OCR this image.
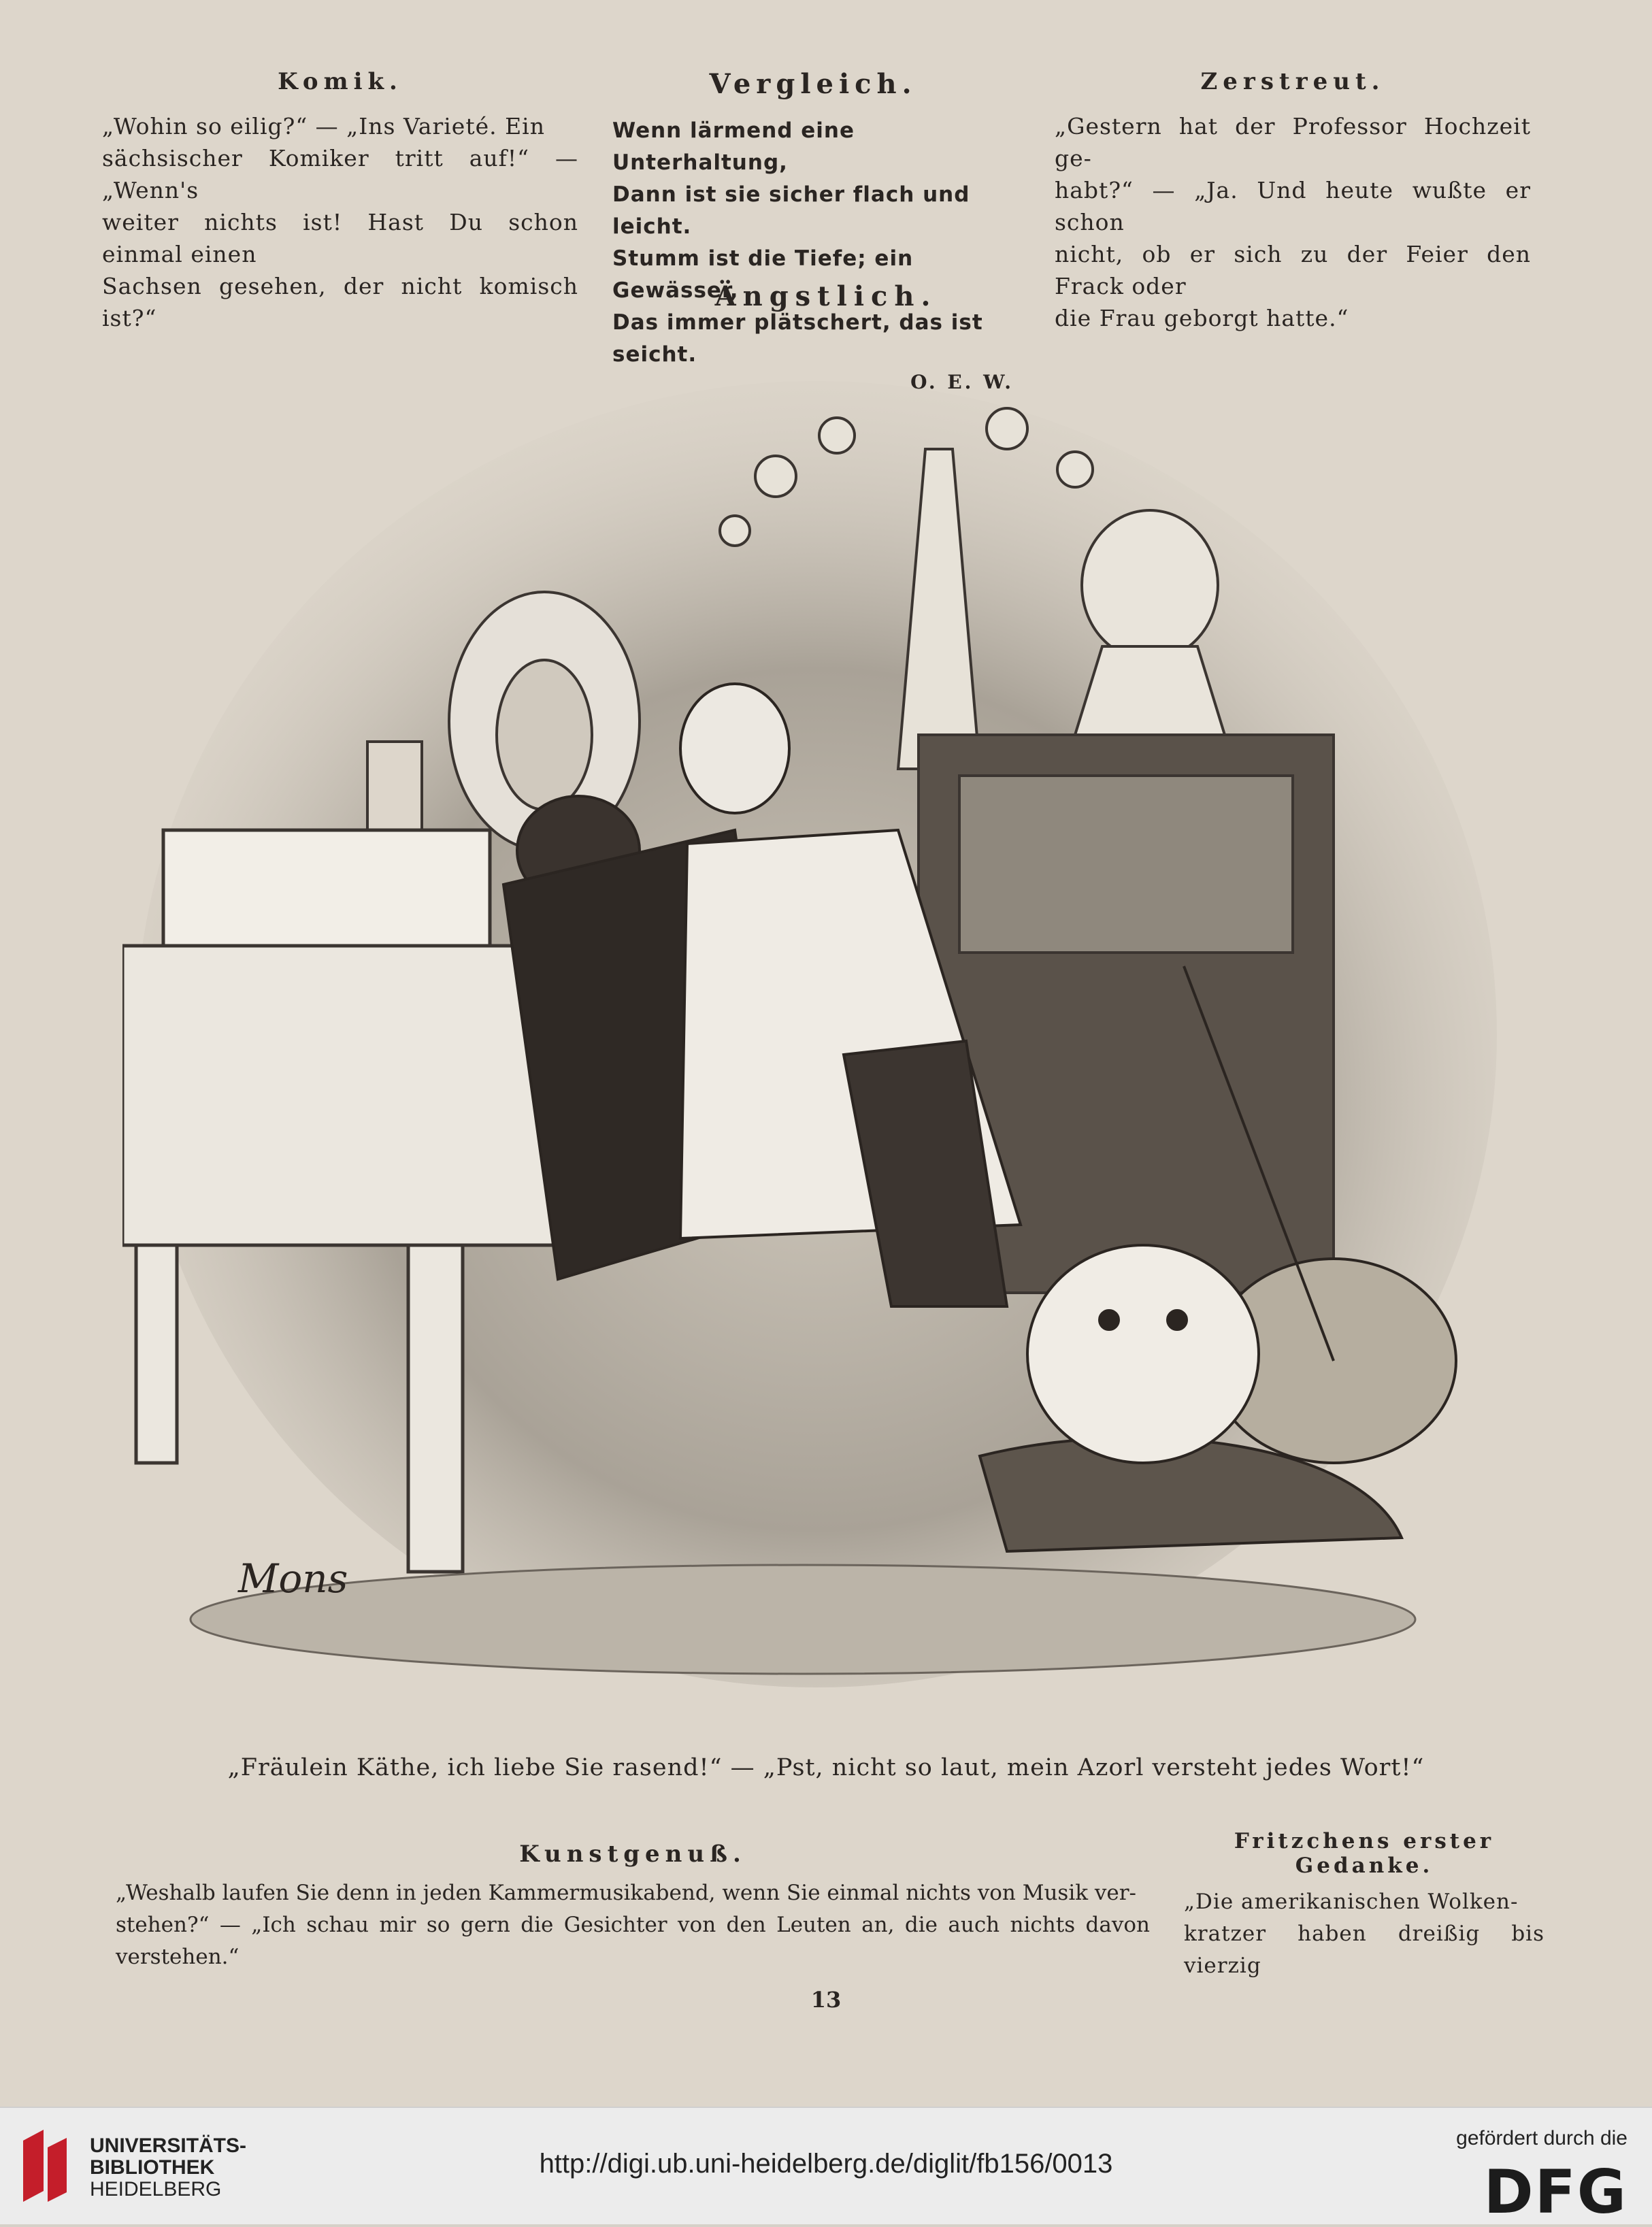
Komik.
„Wohin so eilig?“ — „Ins Varieté. Ein
sächsischer Komiker tritt auf!“ — „Wenn's
weiter nichts ist! Hast Du schon einmal einen
Sachsen gesehen, der nicht komisch ist?“
Vergleich.
Wenn lärmend eine Unterhaltung,
Dann ist sie sicher flach und leicht.
Stumm ist die Tiefe; ein Gewässer,
Das immer plätschert, das ist seicht.
O. E. W.
Zerstreut.
„Gestern hat der Professor Hochzeit ge-
habt?“ — „Ja. Und heute wußte er schon
nicht, ob er sich zu der Feier den Frack oder
die Frau geborgt hatte.“
Ängstlich.
Mons
„Fräulein Käthe, ich liebe Sie rasend!“ — „Pst, nicht so laut, mein Azorl versteht jedes Wort!“
Kunstgenuß.
„Weshalb laufen Sie denn in jeden Kammermusikabend, wenn Sie einmal nichts von Musik ver-
stehen?“ — „Ich schau mir so gern die Gesichter von den Leuten an, die auch nichts davon verstehen.“
Fritzchens erster Gedanke.
„Die amerikanischen Wolken-
kratzer haben dreißig bis vierzig
13
UNIVERSITÄTS-
BIBLIOTHEK
HEIDELBERG
http://digi.ub.uni-heidelberg.de/diglit/fb156/0013
gefördert durch die
DFG
